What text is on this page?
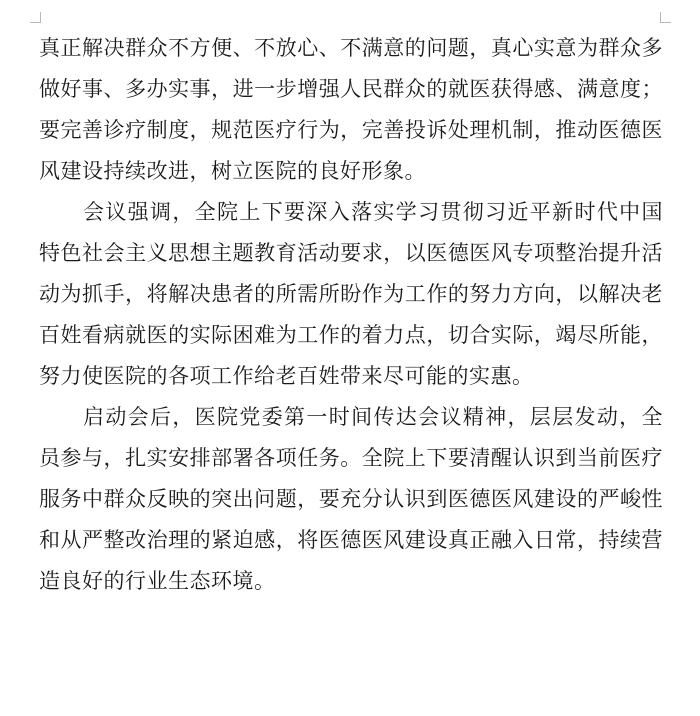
真正解决群众不方便、不放心、不满意的问题，真心实意为群众多做好事、多办实事，进一步增强人民群众的就医获得感、满意度；要完善诊疗制度，规范医疗行为，完善投诉处理机制，推动医德医风建设持续改进，树立医院的良好形象。

会议强调，全院上下要深入落实学习贯彻习近平新时代中国特色社会主义思想主题教育活动要求，以医德医风专项整治提升活动为抓手，将解决患者的所需所盼作为工作的努力方向，以解决老百姓看病就医的实际困难为工作的着力点，切合实际，竭尽所能，努力使医院的各项工作给老百姓带来尽可能的实惠。

启动会后，医院党委第一时间传达会议精神，层层发动，全员参与，扎实安排部署各项任务。全院上下要清醒认识到当前医疗服务中群众反映的突出问题，要充分认识到医德医风建设的严峻性和从严整改治理的紧迫感，将医德医风建设真正融入日常，持续营造良好的行业生态环境。
